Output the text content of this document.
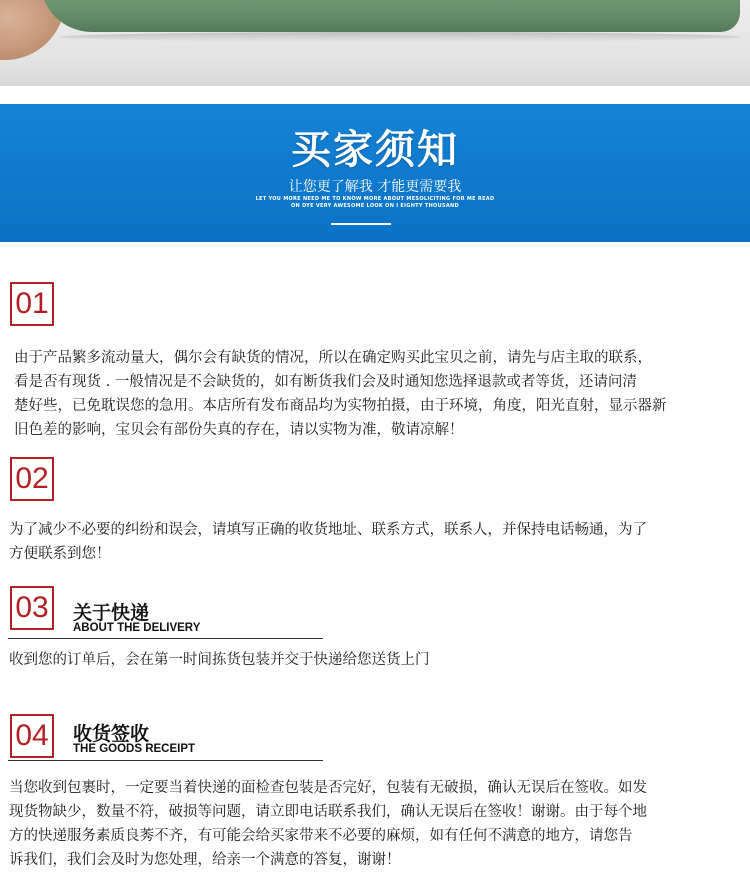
买家须知
让您更了解我 才能更需要我
LET YOU MORE NEED ME TO KNOW MORE ABOUT MESOLICITING FOR ME READ
ON DYE VERY AWESOME LOOK ON I EIGHTY THOUSAND
01
由于产品繁多流动量大，偶尔会有缺货的情况，所以在确定购买此宝贝之前，请先与店主取的联系，
看是否有现货 . 一般情况是不会缺货的，如有断货我们会及时通知您选择退款或者等货，还请问清
楚好些，已免耽误您的急用。本店所有发布商品均为实物拍摄，由于环境，角度，阳光直射，显示器新
旧色差的影响，宝贝会有部份失真的存在，请以实物为准，敬请凉解！
02
为了减少不必要的纠纷和误会，请填写正确的收货地址、联系方式，联系人，并保持电话畅通，为了
方便联系到您！
03 关于快递
ABOUT THE DELIVERY
收到您的订单后，会在第一时间拣货包装并交于快递给您送货上门
04 收货签收
THE GOODS RECEIPT
当您收到包裹时，一定要当着快递的面检查包装是否完好，包装有无破损，确认无误后在签收。如发
现货物缺少，数量不符，破损等问题，请立即电话联系我们，确认无误后在签收！谢谢。由于每个地
方的快递服务素质良莠不齐，有可能会给买家带来不必要的麻烦，如有任何不满意的地方，请您告
诉我们，我们会及时为您处理，给亲一个满意的答复，谢谢！
